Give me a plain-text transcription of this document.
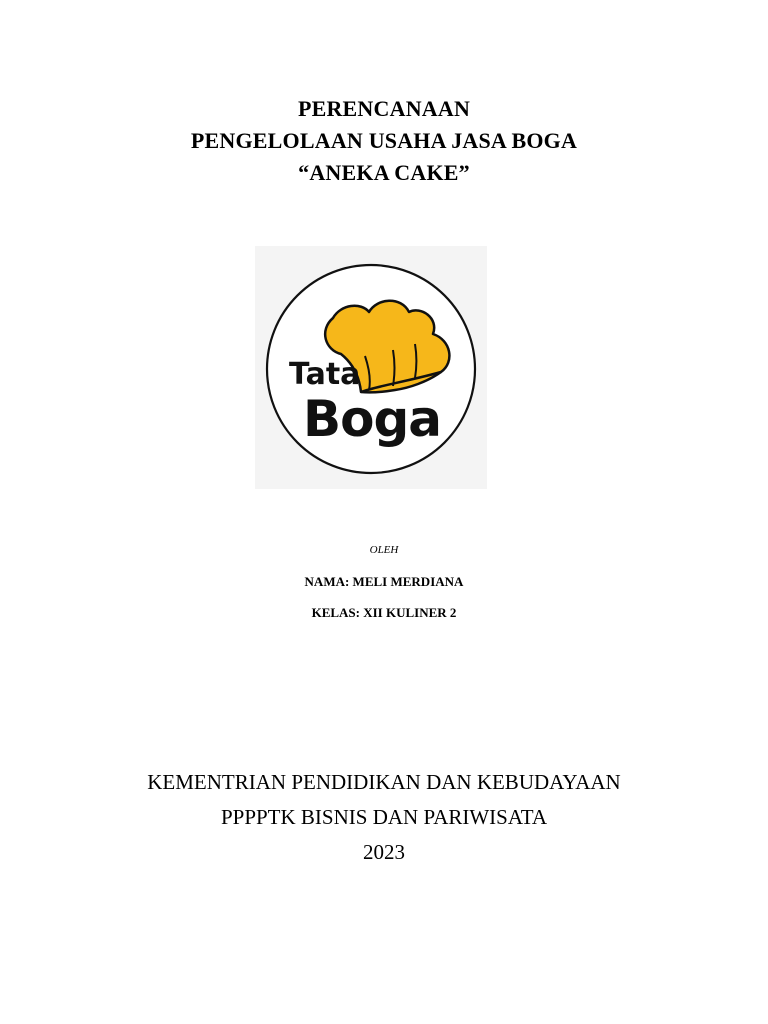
PERENCANAAN
PENGELOLAAN USAHA JASA BOGA
“ANEKA CAKE”
Tata
Boga
OLEH
NAMA: MELI MERDIANA
KELAS: XII KULINER 2
KEMENTRIAN PENDIDIKAN DAN KEBUDAYAAN
PPPPTK BISNIS DAN PARIWISATA
2023
